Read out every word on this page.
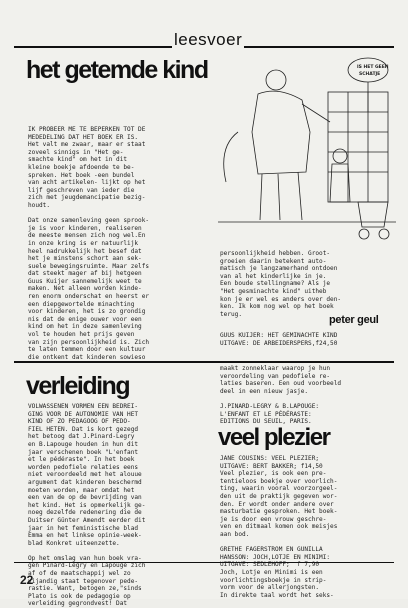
leesvoer
het getemde kind
IK PROBEER ME TE BEPERKEN TOT DE
MEDEDELING DAT HET BOEK ER IS.
Het valt me zwaar, maar er staat
zoveel sinnigs in "Het ge-
smachte kind" om het in dit
kleine boekje afdoende te be-
spreken. Het boek -een bundel
van acht artikelen- lijkt op het
lijf geschreven van ieder die
zich met jeugdemancipatie bezig-
houdt.

Dat onze samenleving geen sprook-
je is voor kinderen, realiseren
de meeste mensen zich nog wel.En
in onze kring is er natuurlijk
heel nadrukkelijk het besef dat
het je minstens schort aan sek-
suele bewegingsruimte. Maar zelfs
dat steekt mager af bij hetgeen
Guus Kuijer sannemelijk weet te
maken. Net alleen worden kinde-
ren enorm onderschat en heerst er
een diepgewortelde minachting
voor kinderen, het is zo grondig
nis dat de enige ouwer voor een
kind om het in deze samenleving
vol te houden het prijs geven
van zijn persoonlijkheid is. Zich
te laten temmen door een kultuur
die ontkent dat kinderen sowieso
persoonlijkheid hebben. Groot-
groeien daarin betekent auto-
matisch je langzamerhand ontdoen
van al het kinderlijke in je.
Een boude stellingname? Als je
"Het gesminachte kind" uitheb
kon je er wel es anders over den-
ken. Ik kom nog wel op het boek
terug.	peter geul
GUUS KUIJER: HET GEMINACHTE KIND
UITGAVE: DE ARBEIDERSPERS,f24,50
IS HET GEEN
SCHATJE
verleiding
VOLWASSENEN VORMEN EEN BEDREI-
GING VOOR DE AUTONOMIE VAN HET
KIND OF ZO PEDAGOOG OF PEDO-
FIEL HETEN. Dat is kort gezegd
het betoog dat J.Pinard-Legry
en B.Lapouge houden in hun dit
jaar verschenen boek "L'enfant
et le pédéraste". In het boek
worden pedofiele relaties eens
niet veroordeeld met het alouue
argument dat kinderen beschermd
moeten worden, maar omdat het
een van de op de bevrijding van
het kind. Het is opmerkelijk ge-
noeg dezelfde redenering die de
Duitser Günter Amendt eerder dit
jaar in het feministische blad
Emma en het linkse opinie-week-
blad Konkret uiteenzette.

Op het omslag van hun boek vra-
gen Pinard-Legry en Lapouge zich
af of de maatschappij wel zo
vijandig staat tegenover pede-
rastie. Want, betogen ze,"sinds
Plato is ook de pedagogie op
verleiding gegrondvest! Dat
maakt zonneklaar waarop je hun
veroordeling van pedofiele re-
laties baseren. Een oud voorbeeld
deel in een nieuw jasje.

J.PINARD-LEGRY & B.LAPOUGE:
L'ENFANT ET LE PÉDÉRASTE:
EDITIONS DU SEUIL, PARIS.
veel plezier
JANE COUSINS: VEEL PLEZIER;
UITGAVE: BERT BAKKER; f14,50
Veel plezier, is ook een pre-
tentieloos boekje over voorlich-
ting, waarin vooral voorzorgeel-
den uit de praktijk gegeven wor-
den. Er wordt onder andere over
masturbatie gesproken. Het boek-
je is door een vrouw geschre-
ven en ditmaal komen ook meisjes
aan bod.

GRETHE FAGERSTROM EN GUNILLA
HANSSON: JOCH,LOTJE EN MINIMI:
UITGAVE: SEDLEHOFF;  f 7,90
Joch, Lotje en Minimi is een
voorlichtingsboekje in strip-
vorm voor de allerjongsten.
In direkte taal wordt het seks-
22
